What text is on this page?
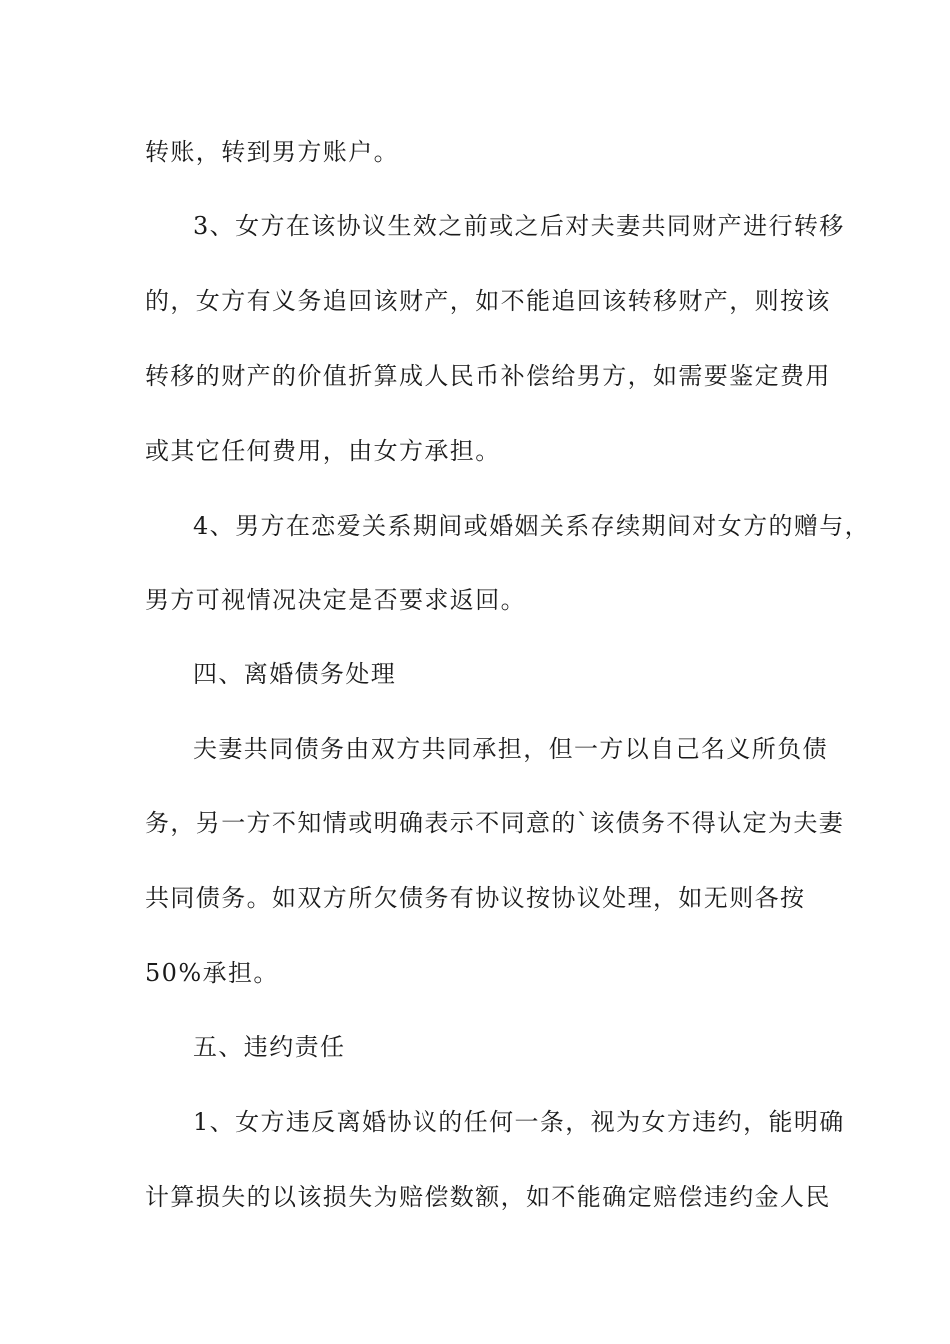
转账，转到男方账户。
3、女方在该协议生效之前或之后对夫妻共同财产进行转移
的，女方有义务追回该财产，如不能追回该转移财产，则按该
转移的财产的价值折算成人民币补偿给男方，如需要鉴定费用
或其它任何费用，由女方承担。
4、男方在恋爱关系期间或婚姻关系存续期间对女方的赠与，
男方可视情况决定是否要求返回。
四、离婚债务处理
夫妻共同债务由双方共同承担，但一方以自己名义所负债
务，另一方不知情或明确表示不同意的`该债务不得认定为夫妻
共同债务。如双方所欠债务有协议按协议处理，如无则各按
50%承担。
五、违约责任
1、女方违反离婚协议的任何一条，视为女方违约，能明确
计算损失的以该损失为赔偿数额，如不能确定赔偿违约金人民
